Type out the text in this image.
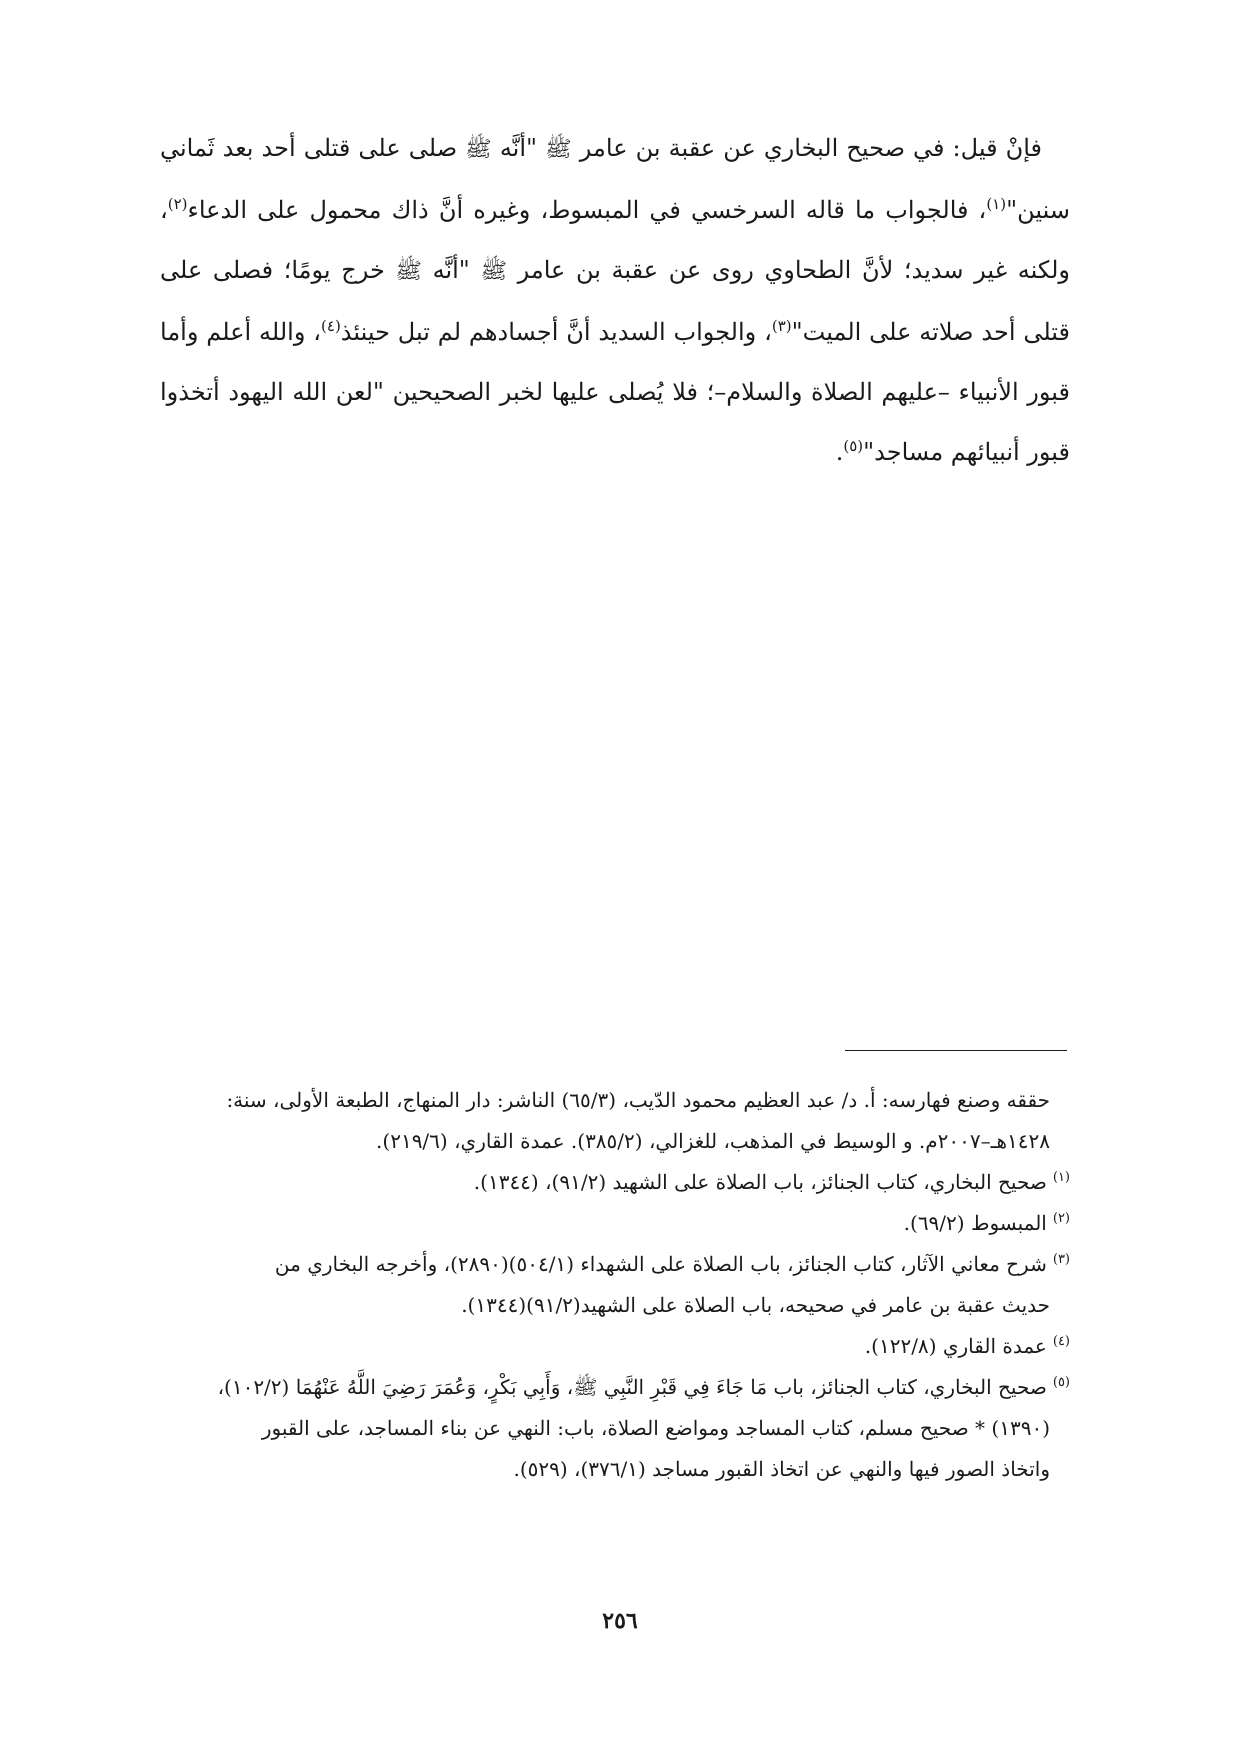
فإنْ قيل: في صحيح البخاري عن عقبة بن عامر ﷺ "أنَّه ﷺ صلى على قتلى أحد بعد ثَماني سنين"$^{(١)}$، فالجواب ما قاله السرخسي في المبسوط، وغيره أنَّ ذاك محمول على الدعاء$^{(٢)}$، ولكنه غير سديد؛ لأنَّ الطحاوي روى عن عقبة بن عامر ﷺ "أنَّه ﷺ خرج يومًا؛ فصلى على قتلى أحد صلاته على الميت"$^{(٣)}$، والجواب السديد أنَّ أجسادهم لم تبل حينئذ$^{(٤)}$، والله أعلم وأما قبور الأنبياء –عليهم الصلاة والسلام–؛ فلا يُصلى عليها لخبر الصحيحين "لعن الله اليهود أتخذوا قبور أنبيائهم مساجد"$^{(٥)}$.

حققه وصنع فهارسه: أ. د/ عبد العظيم محمود الدّيب، (٦٥/٣) الناشر: دار المنهاج، الطبعة الأولى، سنة:

١٤٢٨هـ–٢٠٠٧م. و الوسيط في المذهب، للغزالي، (٣٨٥/٢). عمدة القاري، (٢١٩/٦).

$^{(١)}$صحيح البخاري، كتاب الجنائز، باب الصلاة على الشهيد (٩١/٢)، (١٣٤٤).

$^{(٢)}$المبسوط (٦٩/٢).

$^{(٣)}$شرح معاني الآثار، كتاب الجنائز، باب الصلاة على الشهداء (٥٠٤/١)(٢٨٩٠)، وأخرجه البخاري من

حديث عقبة بن عامر في صحيحه، باب الصلاة على الشهيد(٩١/٢)(١٣٤٤).

$^{(٤)}$عمدة القاري (١٢٢/٨).

$^{(٥)}$صحيح البخاري، كتاب الجنائز، باب مَا جَاءَ فِي قَبْرِ النَّبِي ﷺ، وَأَبِي بَكْرٍ، وَعُمَرَ رَضِيَ اللَّهُ عَنْهُمَا (١٠٢/٢)،

(١٣٩٠) * صحيح مسلم، كتاب المساجد ومواضع الصلاة، باب: النهي عن بناء المساجد، على القبور

واتخاذ الصور فيها والنهي عن اتخاذ القبور مساجد (٣٧٦/١)، (٥٢٩).

٢٥٦
